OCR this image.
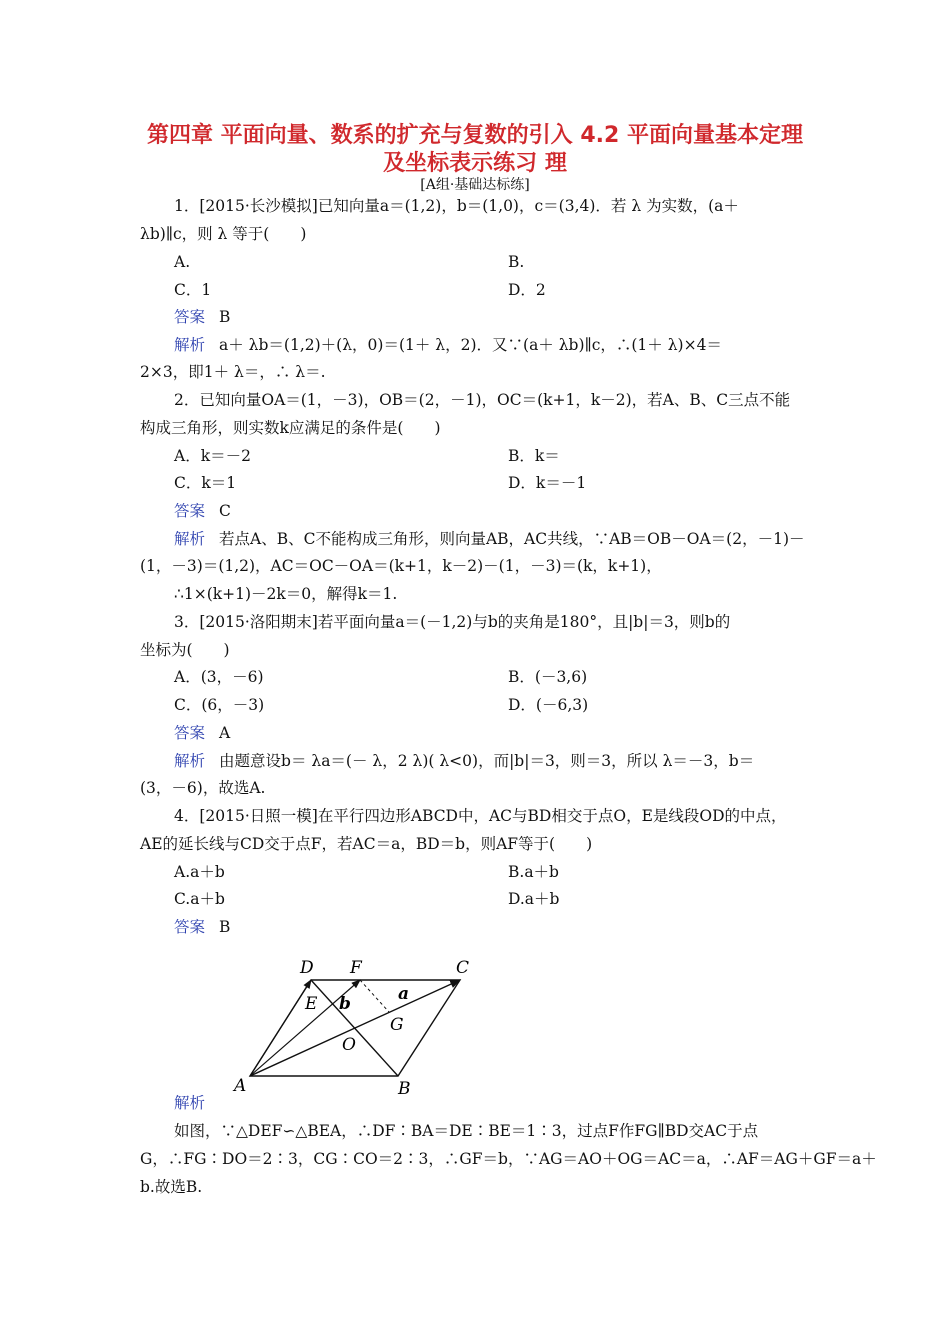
第四章 平面向量、数系的扩充与复数的引入 4.2 平面向量基本定理
及坐标表示练习 理
[A组·基础达标练]
1．[2015·长沙模拟]已知向量a＝(1,2)，b＝(1,0)，c＝(3,4)．若 λ 为实数，(a＋
λb)∥c，则 λ 等于(　　)
A.	B.
C．1	D．2
答案 B
解析 a＋ λb＝(1,2)＋(λ，0)＝(1＋ λ，2)．又∵(a＋ λb)∥c，∴(1＋ λ)×4＝
2×3，即1＋ λ＝，∴ λ＝.
2．已知向量OA＝(1，－3)，OB＝(2，－1)，OC＝(k+1，k－2)，若A、B、C三点不能
构成三角形，则实数k应满足的条件是(　　)
A．k＝－2	B．k＝
C．k＝1	D．k＝－1
答案 C
解析 若点A、B、C不能构成三角形，则向量AB，AC共线，∵AB＝OB－OA＝(2，－1)－
(1，－3)＝(1,2)，AC＝OC－OA＝(k+1，k－2)－(1，－3)＝(k，k+1)，
∴1×(k+1)－2k＝0，解得k＝1.
3．[2015·洛阳期末]若平面向量a＝(－1,2)与b的夹角是180°，且|b|＝3，则b的
坐标为(　　)
A．(3，－6)	B．(－3,6)
C．(6，－3)	D．(－6,3)
答案 A
解析 由题意设b＝ λa＝(－ λ，2 λ)( λ<0)，而|b|＝3，则＝3，所以 λ＝－3，b＝
(3，－6)，故选A.
4．[2015·日照一模]在平行四边形ABCD中，AC与BD相交于点O，E是线段OD的中点，
AE的延长线与CD交于点F，若AC＝a，BD＝b，则AF等于(　　)
A.a＋b	B.a＋b
C.a＋b	D.a＋b
答案 B
D F	C
E b	a
G
O
A	B
解析
如图，∵△DEF∽△BEA，∴DF∶BA＝DE∶BE＝1∶3，过点F作FG∥BD交AC于点
G，∴FG∶DO＝2∶3，CG∶CO＝2∶3，∴GF＝b，∵AG＝AO＋OG＝AC＝a，∴AF＝AG＋GF＝a＋
b.故选B.
